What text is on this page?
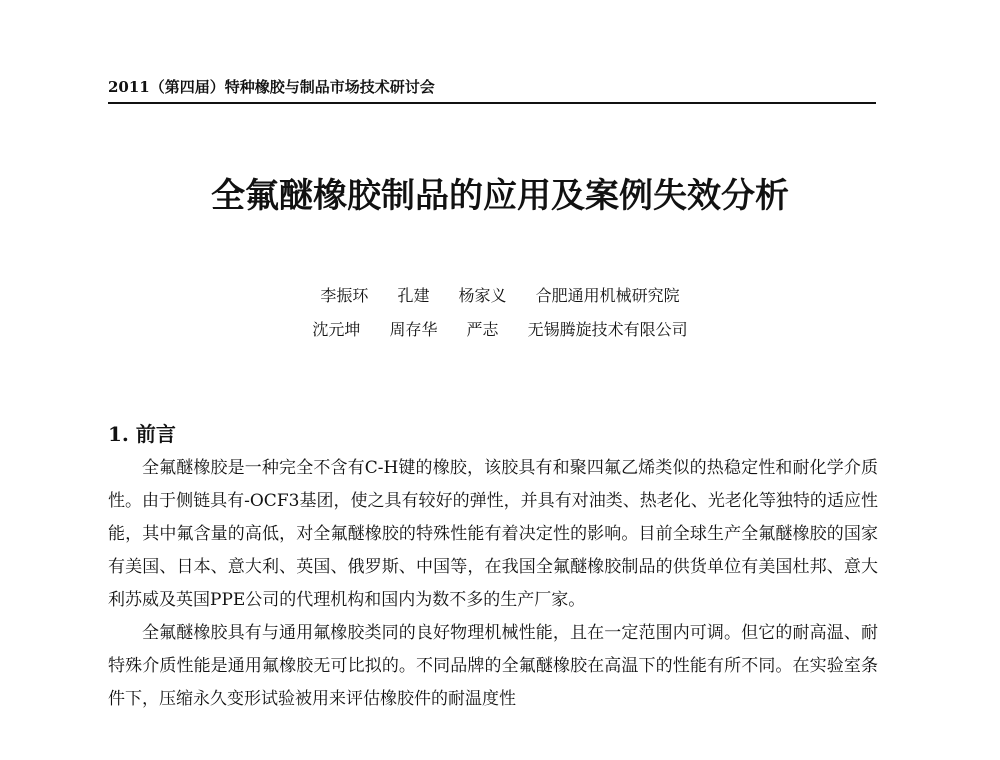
2011（第四届）特种橡胶与制品市场技术研讨会
全氟醚橡胶制品的应用及案例失效分析
李振环 孔建 杨家义 合肥通用机械研究院
沈元坤 周存华 严志 无锡腾旋技术有限公司
1. 前言

全氟醚橡胶是一种完全不含有C-H键的橡胶，该胶具有和聚四氟乙烯类似的热稳定性和耐化学介质性。由于侧链具有-OCF3基团，使之具有较好的弹性，并具有对油类、热老化、光老化等独特的适应性能，其中氟含量的高低，对全氟醚橡胶的特殊性能有着决定性的影响。目前全球生产全氟醚橡胶的国家有美国、日本、意大利、英国、俄罗斯、中国等，在我国全氟醚橡胶制品的供货单位有美国杜邦、意大利苏威及英国PPE公司的代理机构和国内为数不多的生产厂家。

全氟醚橡胶具有与通用氟橡胶类同的良好物理机械性能，且在一定范围内可调。但它的耐高温、耐特殊介质性能是通用氟橡胶无可比拟的。不同品牌的全氟醚橡胶在高温下的性能有所不同。在实验室条件下，压缩永久变形试验被用来评估橡胶件的耐温度性
